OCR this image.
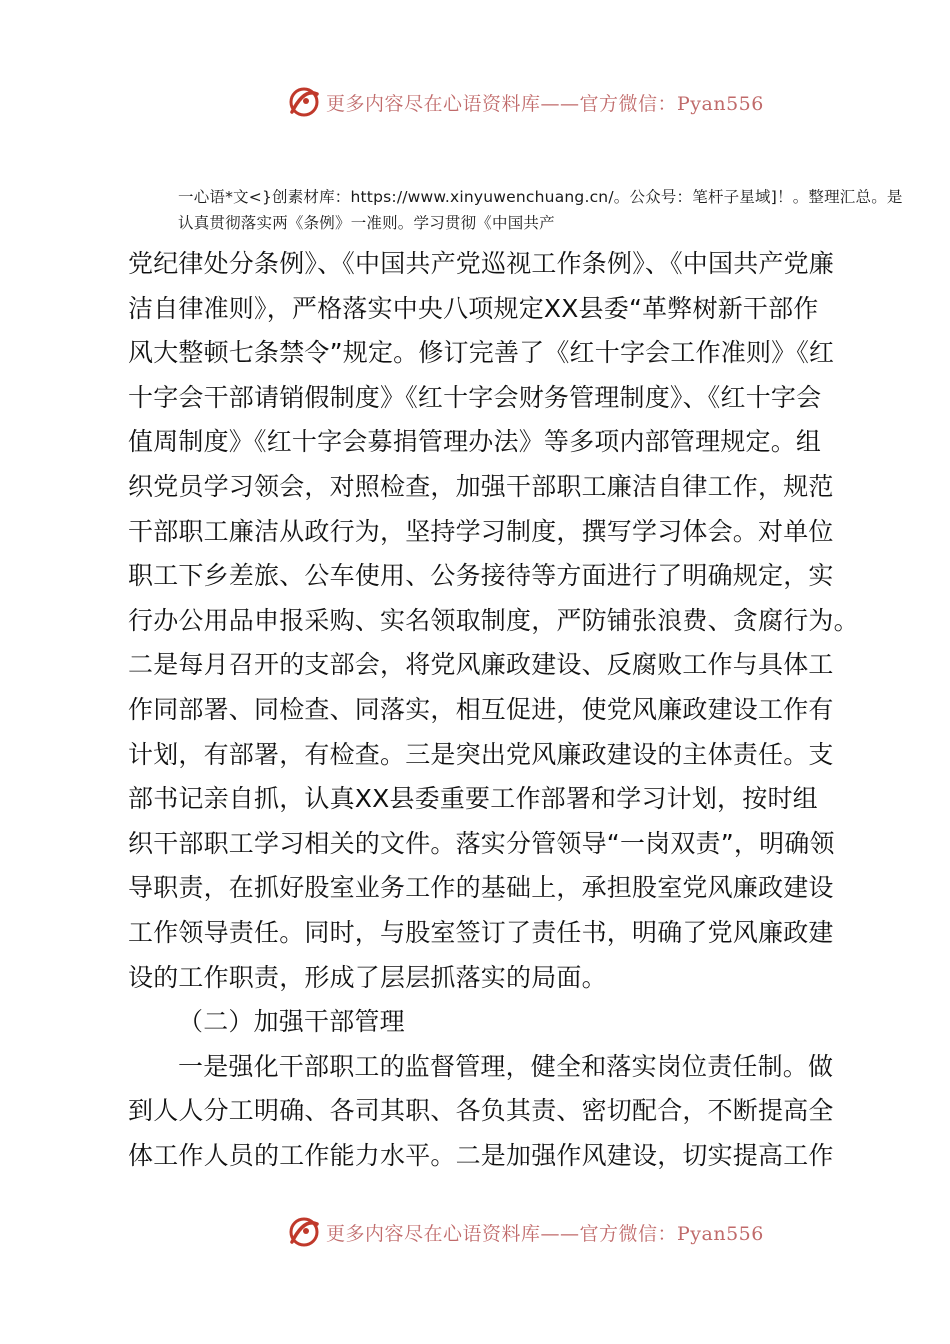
更多内容尽在心语资料库——官方微信：Pyan556
一心语*文<}创素材库：https://www.xinyuwenchuang.cn/。公众号：笔杆子星域]！。整理汇总。是
认真贯彻落实两《条例》一准则。学习贯彻《中国共产
党纪律处分条例》、《中国共产党巡视工作条例》、《中国共产党廉
洁自律准则》，严格落实中央八项规定XX县委“革弊树新干部作
风大整顿七条禁令”规定。修订完善了《红十字会工作准则》《红
十字会干部请销假制度》《红十字会财务管理制度》、《红十字会
值周制度》《红十字会募捐管理办法》等多项内部管理规定。组
织党员学习领会，对照检查，加强干部职工廉洁自律工作，规范
干部职工廉洁从政行为，坚持学习制度，撰写学习体会。对单位
职工下乡差旅、公车使用、公务接待等方面进行了明确规定，实
行办公用品申报采购、实名领取制度，严防铺张浪费、贪腐行为。
二是每月召开的支部会，将党风廉政建设、反腐败工作与具体工
作同部署、同检查、同落实，相互促进，使党风廉政建设工作有
计划，有部署，有检查。三是突出党风廉政建设的主体责任。支
部书记亲自抓，认真XX县委重要工作部署和学习计划，按时组
织干部职工学习相关的文件。落实分管领导“一岗双责”，明确领
导职责，在抓好股室业务工作的基础上，承担股室党风廉政建设
工作领导责任。同时，与股室签订了责任书，明确了党风廉政建
设的工作职责，形成了层层抓落实的局面。
（二）加强干部管理
一是强化干部职工的监督管理，健全和落实岗位责任制。做
到人人分工明确、各司其职、各负其责、密切配合，不断提高全
体工作人员的工作能力水平。二是加强作风建设，切实提高工作
更多内容尽在心语资料库——官方微信：Pyan556
